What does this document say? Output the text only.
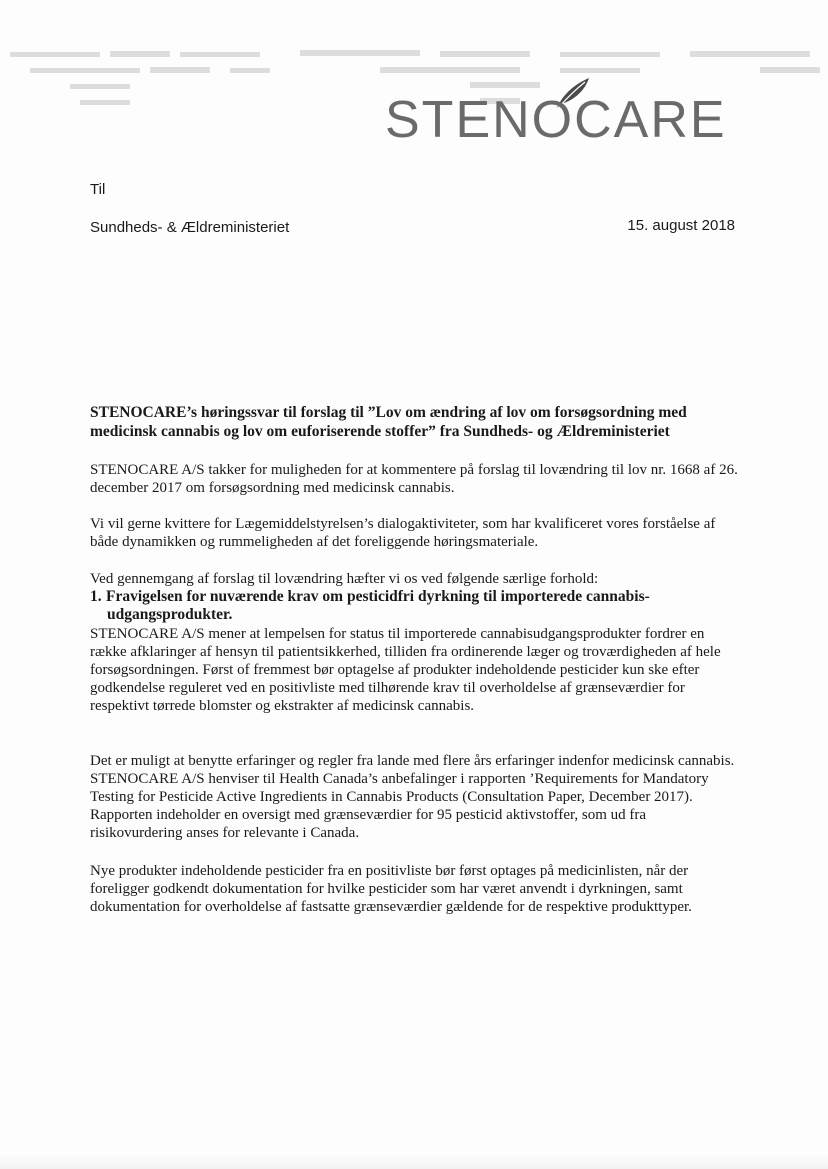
STENOCARE
Til
Sundheds- & Ældreministeriet	15. august 2018
STENOCARE’s høringssvar til forslag til ”Lov om ændring af lov om forsøgsordning med medicinsk cannabis og lov om euforiserende stoffer” fra Sundheds- og Ældreministeriet
STENOCARE A/S takker for muligheden for at kommentere på forslag til lovændring til lov nr. 1668 af 26. december 2017 om forsøgsordning med medicinsk cannabis.
Vi vil gerne kvittere for Lægemiddelstyrelsen’s dialogaktiviteter, som har kvalificeret vores forståelse af både dynamikken og rummeligheden af det foreliggende høringsmateriale.
Ved gennemgang af forslag til lovændring hæfter vi os ved følgende særlige forhold:
1. Fravigelsen for nuværende krav om pesticidfri dyrkning til importerede cannabis-
udgangsprodukter.
STENOCARE A/S mener at lempelsen for status til importerede cannabisudgangsprodukter fordrer en række afklaringer af hensyn til patientsikkerhed, tilliden fra ordinerende læger og troværdigheden af hele forsøgsordningen. Først of fremmest bør optagelse af produkter indeholdende pesticider kun ske efter godkendelse reguleret ved en positivliste med tilhørende krav til overholdelse af grænseværdier for respektivt tørrede blomster og ekstrakter af medicinsk cannabis.
Det er muligt at benytte erfaringer og regler fra lande med flere års erfaringer indenfor medicinsk cannabis. STENOCARE A/S henviser til Health Canada’s anbefalinger i rapporten ’Requirements for Mandatory Testing for Pesticide Active Ingredients in Cannabis Products (Consultation Paper, December 2017). Rapporten indeholder en oversigt med grænseværdier for 95 pesticid aktivstoffer, som ud fra risikovurdering anses for relevante i Canada.
Nye produkter indeholdende pesticider fra en positivliste bør først optages på medicinlisten, når der foreligger godkendt dokumentation for hvilke pesticider som har været anvendt i dyrkningen, samt dokumentation for overholdelse af fastsatte grænseværdier gældende for de respektive produkttyper.
